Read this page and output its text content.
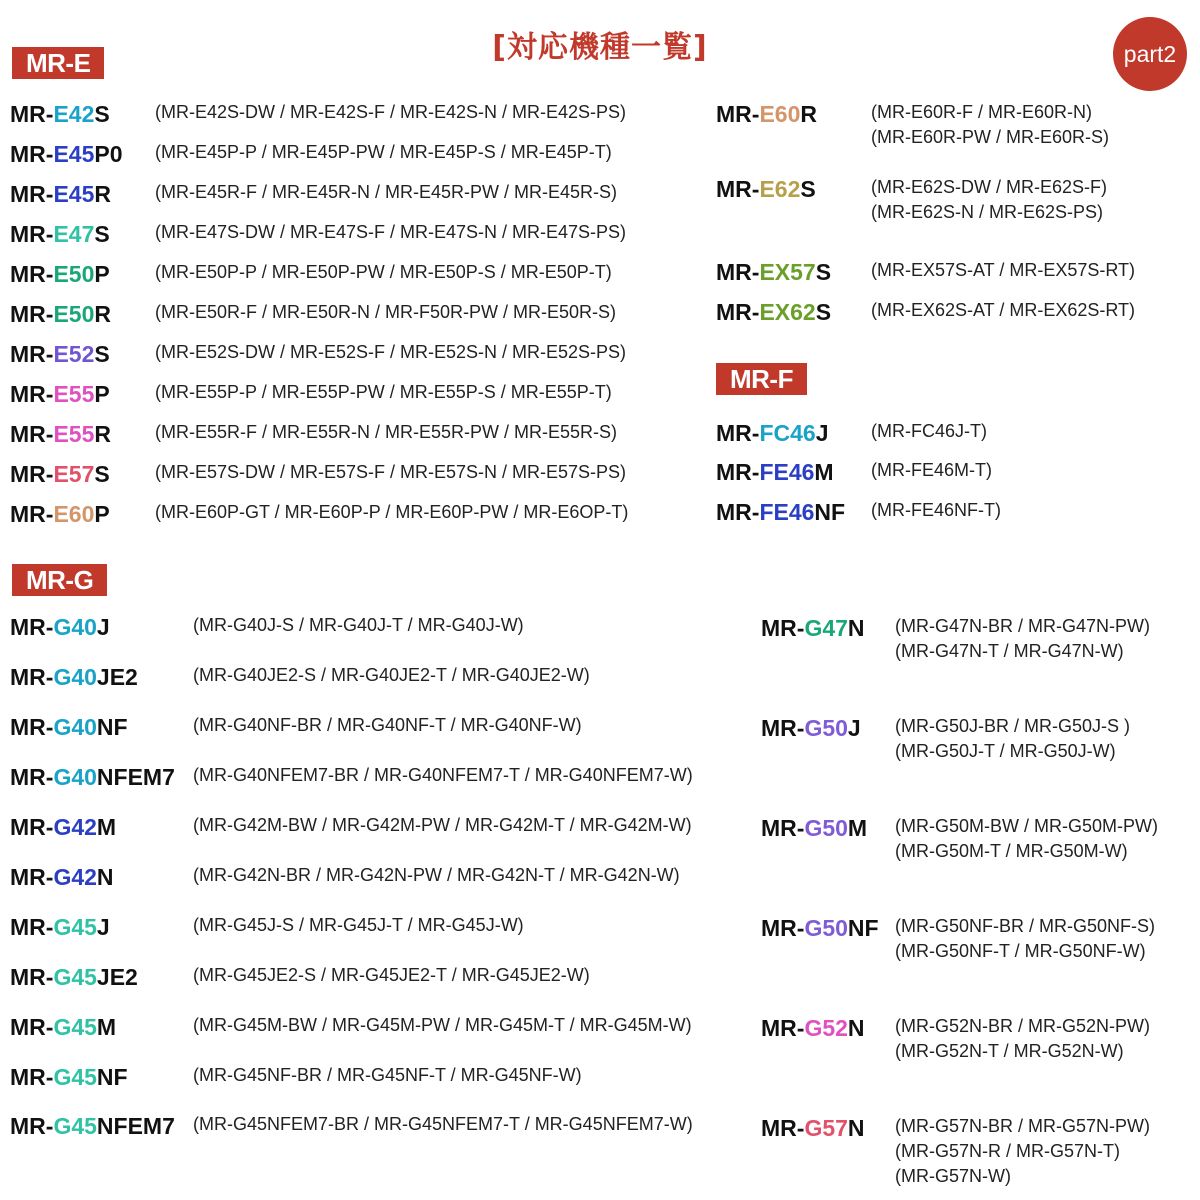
[対応機種一覧]	part2
MR-E
MR-F
MR-G
MR-E42S	(MR-E42S-DW / MR-E42S-F / MR-E42S-N / MR-E42S-PS)
MR-E45P0 (MR-E45P-P / MR-E45P-PW / MR-E45P-S / MR-E45P-T)
MR-E45R (MR-E45R-F / MR-E45R-N / MR-E45R-PW / MR-E45R-S)
MR-E47S	(MR-E47S-DW / MR-E47S-F / MR-E47S-N / MR-E47S-PS)
MR-E50P	(MR-E50P-P / MR-E50P-PW / MR-E50P-S / MR-E50P-T)
MR-E50R (MR-E50R-F / MR-E50R-N / MR-F50R-PW / MR-E50R-S)
MR-E52S	(MR-E52S-DW / MR-E52S-F / MR-E52S-N / MR-E52S-PS)
MR-E55P	(MR-E55P-P / MR-E55P-PW / MR-E55P-S / MR-E55P-T)
MR-E55R (MR-E55R-F / MR-E55R-N / MR-E55R-PW / MR-E55R-S)
MR-E57S	(MR-E57S-DW / MR-E57S-F / MR-E57S-N / MR-E57S-PS)
MR-E60P	(MR-E60P-GT / MR-E60P-P / MR-E60P-PW / MR-E6OP-T)
MR-E60R	(MR-E60R-F / MR-E60R-N)
(MR-E60R-PW / MR-E60R-S)
MR-E62S	(MR-E62S-DW / MR-E62S-F)
(MR-E62S-N / MR-E62S-PS)
MR-EX57S (MR-EX57S-AT / MR-EX57S-RT)
MR-EX62S (MR-EX62S-AT / MR-EX62S-RT)
MR-FC46J (MR-FC46J-T)
MR-FE46M (MR-FE46M-T)
MR-FE46NF (MR-FE46NF-T)
MR-G40J	(MR-G40J-S / MR-G40J-T / MR-G40J-W)
MR-G40JE2	(MR-G40JE2-S / MR-G40JE2-T / MR-G40JE2-W)
MR-G40NF	(MR-G40NF-BR / MR-G40NF-T / MR-G40NF-W)
MR-G40NFEM7 (MR-G40NFEM7-BR / MR-G40NFEM7-T / MR-G40NFEM7-W)
MR-G42M	(MR-G42M-BW / MR-G42M-PW / MR-G42M-T / MR-G42M-W)
MR-G42N	(MR-G42N-BR / MR-G42N-PW / MR-G42N-T / MR-G42N-W)
MR-G45J	(MR-G45J-S / MR-G45J-T / MR-G45J-W)
MR-G45JE2	(MR-G45JE2-S / MR-G45JE2-T / MR-G45JE2-W)
MR-G45M	(MR-G45M-BW / MR-G45M-PW / MR-G45M-T / MR-G45M-W)
MR-G45NF	(MR-G45NF-BR / MR-G45NF-T / MR-G45NF-W)
MR-G45NFEM7 (MR-G45NFEM7-BR / MR-G45NFEM7-T / MR-G45NFEM7-W)
MR-G47N (MR-G47N-BR / MR-G47N-PW)
(MR-G47N-T / MR-G47N-W)
MR-G50J (MR-G50J-BR / MR-G50J-S )
(MR-G50J-T / MR-G50J-W)
MR-G50M (MR-G50M-BW / MR-G50M-PW)
(MR-G50M-T / MR-G50M-W)
MR-G50NF (MR-G50NF-BR / MR-G50NF-S)
(MR-G50NF-T / MR-G50NF-W)
MR-G52N (MR-G52N-BR / MR-G52N-PW)
(MR-G52N-T / MR-G52N-W)
MR-G57N (MR-G57N-BR / MR-G57N-PW)
(MR-G57N-R / MR-G57N-T)
(MR-G57N-W)
